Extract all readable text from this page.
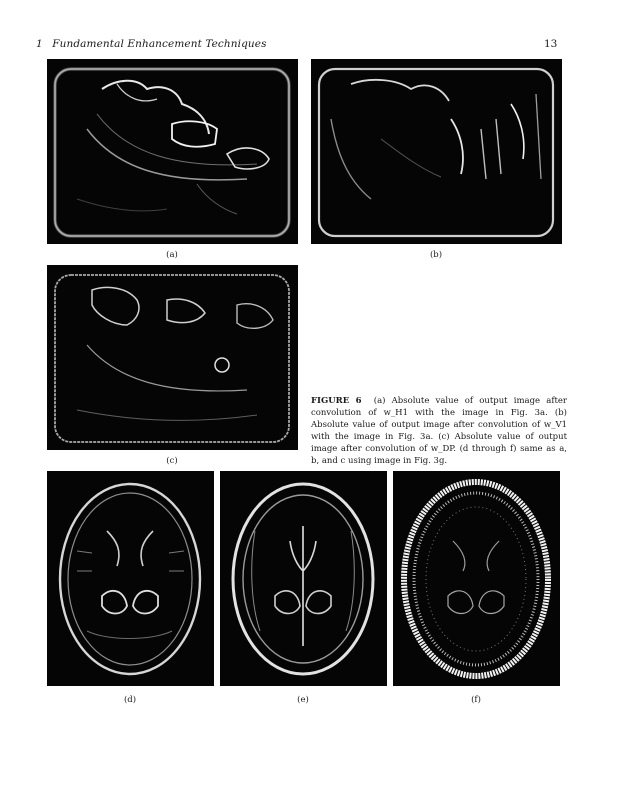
1 Fundamental Enhancement Techniques	13
(a)	(b)
(c)
FIGURE 6 (a) Absolute value of output image after convolution of w_H1 with the image in Fig. 3a. (b) Absolute value of output image after convolution of w_V1 with the image in Fig. 3a. (c) Absolute value of output image after convolution of w_DP. (d through f) same as a, b, and c using image in Fig. 3g.
(d)	(e)	(f)
